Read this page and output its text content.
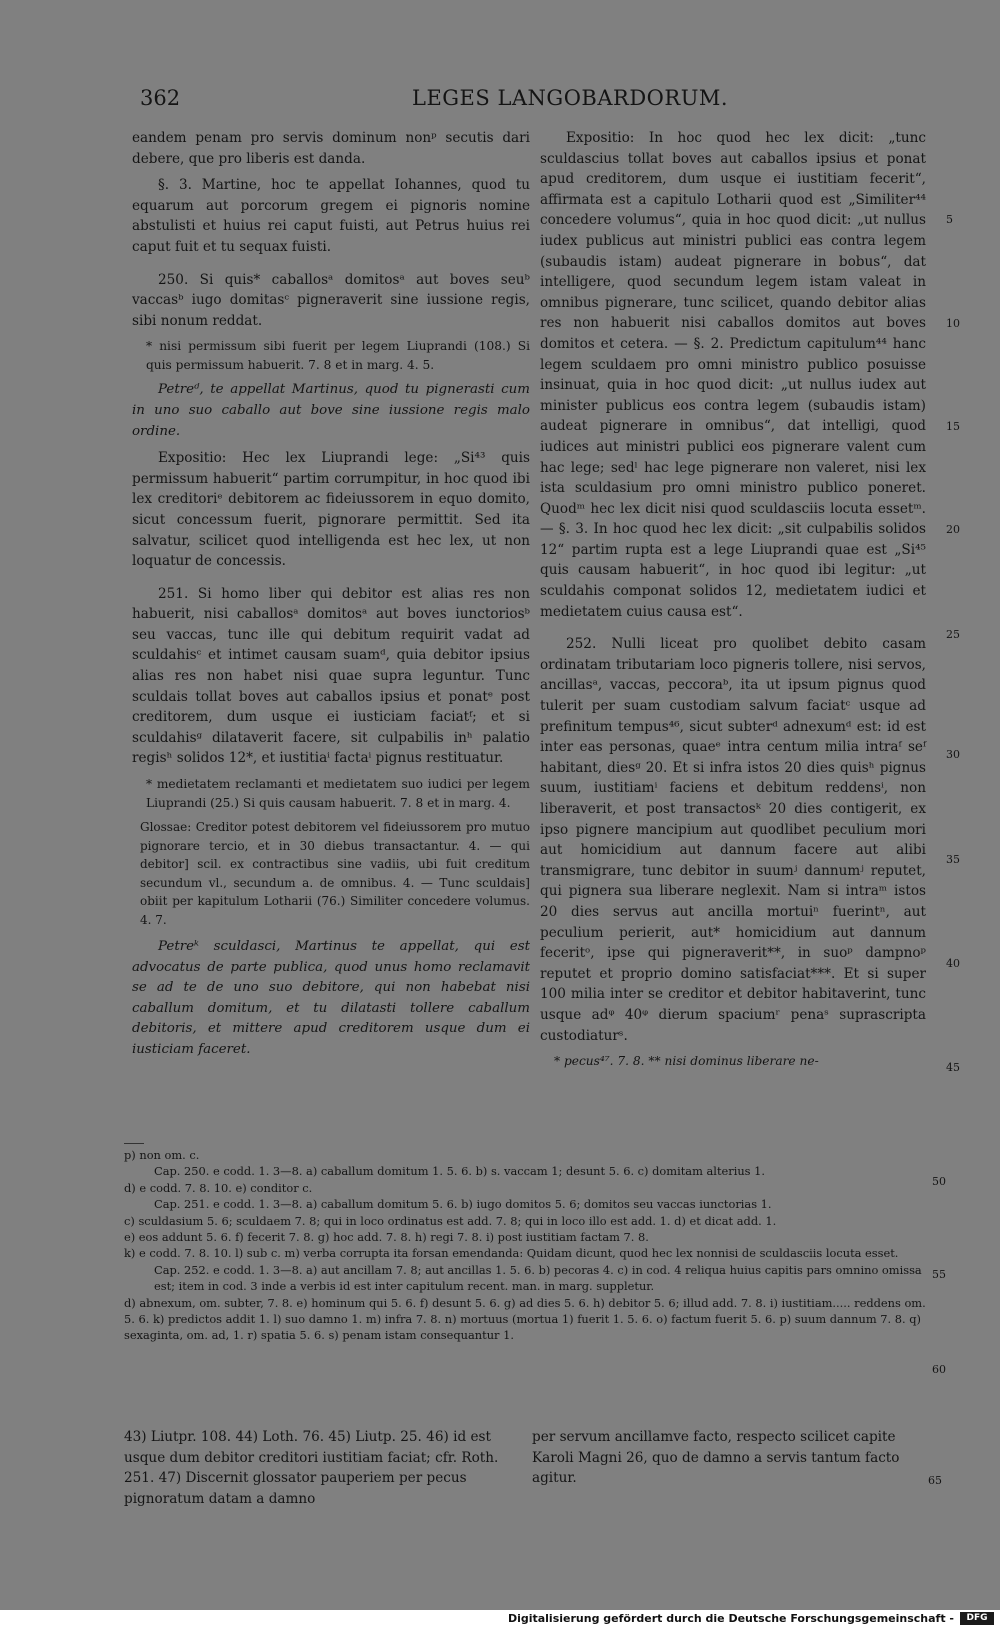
362	LEGES LANGOBARDORUM.

eandem penam pro servis dominum nonᵖ secutis dari debere, que pro liberis est danda.

§. 3. Martine, hoc te appellat Iohannes, quod tu equarum aut porcorum gregem ei pignoris nomine abstulisti et huius rei caput fuisti, aut Petrus huius rei caput fuit et tu sequax fuisti.

250. Si quis* caballosᵃ domitosᵃ aut boves seuᵇ vaccasᵇ iugo domitasᶜ pigneraverit sine iussione regis, sibi nonum reddat.

* nisi permissum sibi fuerit per legem Liuprandi (108.) Si quis permissum habuerit. 7. 8 et in marg. 4. 5.

Petreᵈ, te appellat Martinus, quod tu pignerasti cum in uno suo caballo aut bove sine iussione regis malo ordine.

Expositio: Hec lex Liuprandi lege: „Si⁴³ quis permissum habuerit“ partim corrumpitur, in hoc quod ibi lex creditoriᵉ debitorem ac fideiussorem in equo domito, sicut concessum fuerit, pignorare permittit. Sed ita salvatur, scilicet quod intelligenda est hec lex, ut non loquatur de concessis.

251. Si homo liber qui debitor est alias res non habuerit, nisi caballosᵃ domitosᵃ aut boves iunctoriosᵇ seu vaccas, tunc ille qui debitum requirit vadat ad sculdahisᶜ et intimet causam suamᵈ, quia debitor ipsius alias res non habet nisi quae supra leguntur. Tunc sculdais tollat boves aut caballos ipsius et ponatᵉ post creditorem, dum usque ei iusticiam faciatᶠ; et si sculdahisᵍ dilataverit facere, sit culpabilis inʰ palatio regisʰ solidos 12*, et iustitiaⁱ factaⁱ pignus restituatur.

* medietatem reclamanti et medietatem suo iudici per legem Liuprandi (25.) Si quis causam habuerit. 7. 8 et in marg. 4.

Glossae: Creditor potest debitorem vel fideiussorem pro mutuo pignorare tercio, et in 30 diebus transactantur. 4. — qui debitor] scil. ex contractibus sine vadiis, ubi fuit creditum secundum vl., secundum a. de omnibus. 4. — Tunc sculdais] obiit per kapitulum Lotharii (76.) Similiter concedere volumus. 4. 7.

Petreᵏ sculdasci, Martinus te appellat, qui est advocatus de parte publica, quod unus homo reclamavit se ad te de uno suo debitore, qui non habebat nisi caballum domitum, et tu dilatasti tollere caballum debitoris, et mittere apud creditorem usque dum ei iusticiam faceret.

Expositio: In hoc quod hec lex dicit: „tunc sculdascius tollat boves aut caballos ipsius et ponat apud creditorem, dum usque ei iustitiam fecerit“, affirmata est a capitulo Lotharii quod est „Similiter⁴⁴ concedere volumus“, quia in hoc quod dicit: „ut nullus iudex publicus aut ministri publici eas contra legem (subaudis istam) audeat pignerare in bobus“, dat intelligere, quod secundum legem istam valeat in omnibus pignerare, tunc scilicet, quando debitor alias res non habuerit nisi caballos domitos aut boves domitos et cetera. — §. 2. Predictum capitulum⁴⁴ hanc legem sculdaem pro omni ministro publico posuisse insinuat, quia in hoc quod dicit: „ut nullus iudex aut minister publicus eos contra legem (subaudis istam) audeat pignerare in omnibus“, dat intelligi, quod iudices aut ministri publici eos pignerare valent cum hac lege; sedˡ hac lege pignerare non valeret, nisi lex ista sculdasium pro omni ministro publico poneret. Quodᵐ hec lex dicit nisi quod sculdasciis locuta essetᵐ. — §. 3. In hoc quod hec lex dicit: „sit culpabilis solidos 12“ partim rupta est a lege Liuprandi quae est „Si⁴⁵ quis causam habuerit“, in hoc quod ibi legitur: „ut sculdahis componat solidos 12, medietatem iudici et medietatem cuius causa est“.

252. Nulli liceat pro quolibet debito casam ordinatam tributariam loco pigneris tollere, nisi servos, ancillasᵃ, vaccas, peccoraᵇ, ita ut ipsum pignus quod tulerit per suam custodiam salvum faciatᶜ usque ad prefinitum tempus⁴⁶, sicut subterᵈ adnexumᵈ est: id est inter eas personas, quaeᵉ intra centum milia intraᶠ seᶠ habitant, diesᵍ 20. Et si infra istos 20 dies quisʰ pignus suum, iustitiamⁱ faciens et debitum reddensⁱ, non liberaverit, et post transactosᵏ 20 dies contigerit, ex ipso pignere mancipium aut quodlibet peculium mori aut homicidium aut dannum facere aut alibi transmigrare, tunc debitor in suumʲ dannumʲ reputet, qui pignera sua liberare neglexit. Nam si intraᵐ istos 20 dies servus aut ancilla mortuiⁿ fuerintⁿ, aut peculium perierit, aut* homicidium aut dannum feceritᵒ, ipse qui pigneraverit**, in suoᵖ dampnoᵖ reputet et proprio domino satisfaciat***. Et si super 100 milia inter se creditor et debitor habitaverint, tunc usque adᵠ 40ᵠ dierum spaciumʳ penaˢ suprascripta custodiaturˢ.

* pecus⁴⁷. 7. 8. ** nisi dominus liberare ne-

5
10
15
20
25
30
35
40
45
50
55
60
65

p) non om. c.

Cap. 250. e codd. 1. 3—8. a) caballum domitum 1. 5. 6. b) s. vaccam 1; desunt 5. 6. c) domitam alterius 1.

d) e codd. 7. 8. 10. e) conditor c.

Cap. 251. e codd. 1. 3—8. a) caballum domitum 5. 6. b) iugo domitos 5. 6; domitos seu vaccas iunctorias 1.

c) sculdasium 5. 6; sculdaem 7. 8; qui in loco ordinatus est add. 7. 8; qui in loco illo est add. 1. d) et dicat add. 1.

e) eos addunt 5. 6. f) fecerit 7. 8. g) hoc add. 7. 8. h) regi 7. 8. i) post iustitiam factam 7. 8.

k) e codd. 7. 8. 10. l) sub c. m) verba corrupta ita forsan emendanda: Quidam dicunt, quod hec lex nonnisi de sculdasciis locuta esset.

Cap. 252. e codd. 1. 3—8. a) aut ancillam 7. 8; aut ancillas 1. 5. 6. b) pecoras 4. c) in cod. 4 reliqua huius capitis pars omnino omissa est; item in cod. 3 inde a verbis id est inter capitulum recent. man. in marg. suppletur.

d) abnexum, om. subter, 7. 8. e) hominum qui 5. 6. f) desunt 5. 6. g) ad dies 5. 6. h) debitor 5. 6; illud add. 7. 8. i) iustitiam..... reddens om. 5. 6. k) predictos addit 1. l) suo damno 1. m) infra 7. 8. n) mortuus (mortua 1) fuerit 1. 5. 6. o) factum fuerit 5. 6. p) suum dannum 7. 8. q) sexaginta, om. ad, 1. r) spatia 5. 6. s) penam istam consequantur 1.

43) Liutpr. 108. 44) Loth. 76. 45) Liutp. 25. 46) id est usque dum debitor creditori iustitiam faciat; cfr. Roth. 251. 47) Discernit glossator pauperiem per pecus pignoratum datam a damno

per servum ancillamve facto, respecto scilicet capite Karoli Magni 26, quo de damno a servis tantum facto agitur.

Digitalisierung gefördert durch die Deutsche Forschungsgemeinschaft -	DFG
